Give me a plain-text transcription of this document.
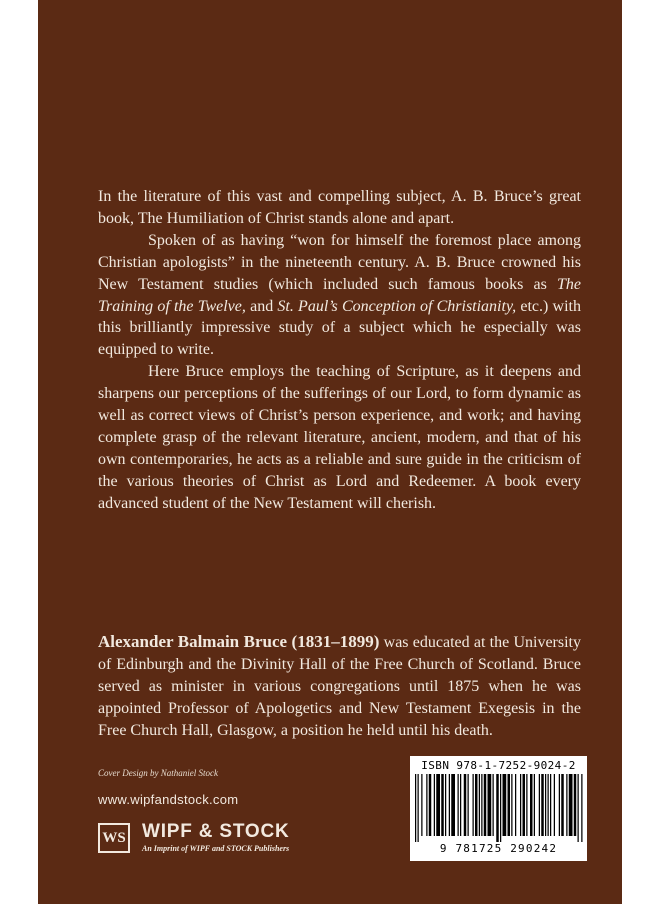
In the literature of this vast and compelling subject, A. B. Bruce’s great book, The Humiliation of Christ stands alone and apart.

Spoken of as having “won for himself the foremost place among Christian apologists” in the nineteenth century. A. B. Bruce crowned his New Testament studies (which included such famous books as The Training of the Twelve, and St. Paul’s Conception of Christianity, etc.) with this brilliantly impressive study of a subject which he especially was equipped to write.

Here Bruce employs the teaching of Scripture, as it deepens and sharpens our perceptions of the sufferings of our Lord, to form dynamic as well as correct views of Christ’s person experience, and work; and having complete grasp of the relevant literature, ancient, modern, and that of his own contemporaries, he acts as a reliable and sure guide in the criticism of the various theories of Christ as Lord and Redeemer. A book every advanced student of the New Testament will cherish.

Alexander Balmain Bruce (1831–1899) was educated at the University of Edinburgh and the Divinity Hall of the Free Church of Scotland. Bruce served as minister in various congregations until 1875 when he was appointed Professor of Apologetics and New Testament Exegesis in the Free Church Hall, Glasgow, a position he held until his death.
Cover Design by Nathaniel Stock
www.wipfandstock.com
WS WIPF & STOCK
An Imprint of WIPF and STOCK Publishers
ISBN 978-1-7252-9024-2
9 781725 290242
